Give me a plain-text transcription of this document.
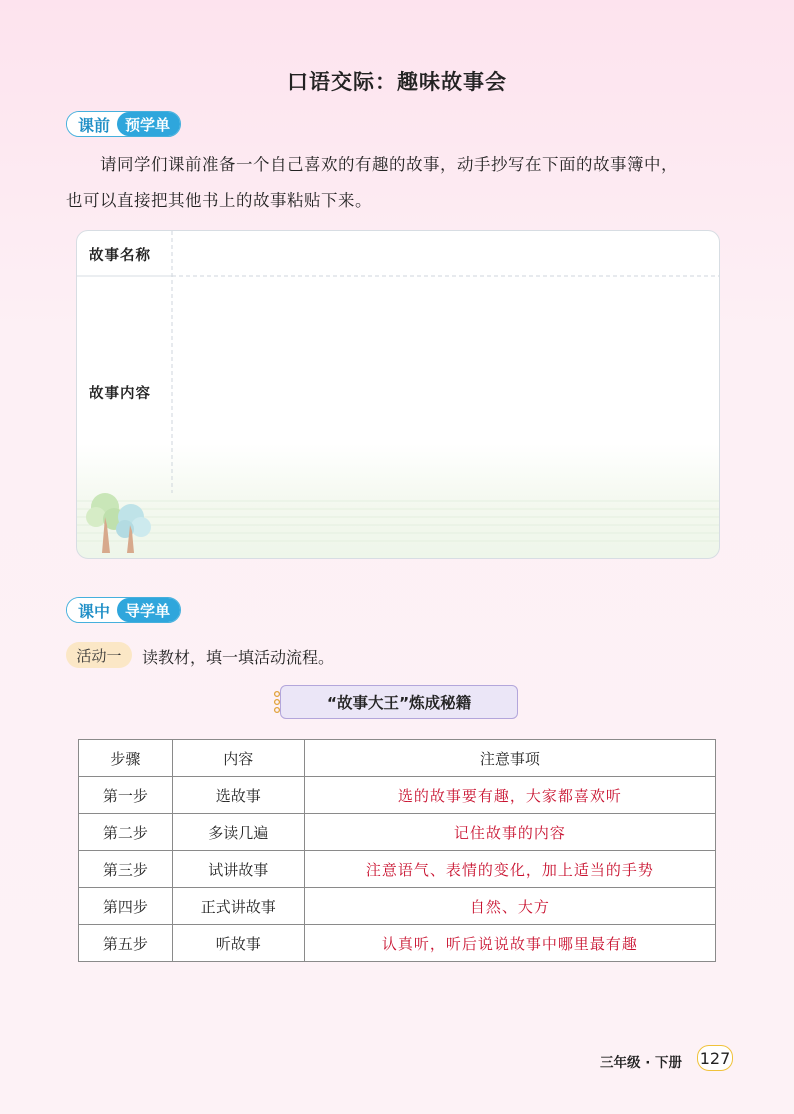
口语交际：趣味故事会
课前	预学单
请同学们课前准备一个自己喜欢的有趣的故事，动手抄写在下面的故事簿中，
也可以直接把其他书上的故事粘贴下来。
故事名称
故事内容
课中	导学单
活动一	读教材，填一填活动流程。
“故事大王”炼成秘籍
步骤	内容	注意事项
第一步	选故事	选的故事要有趣，大家都喜欢听
第二步	多读几遍	记住故事的内容
第三步	试讲故事	注意语气、表情的变化，加上适当的手势
第四步	正式讲故事	自然、大方
第五步	听故事	认真听，听后说说故事中哪里最有趣
三年级 · 下册 127
